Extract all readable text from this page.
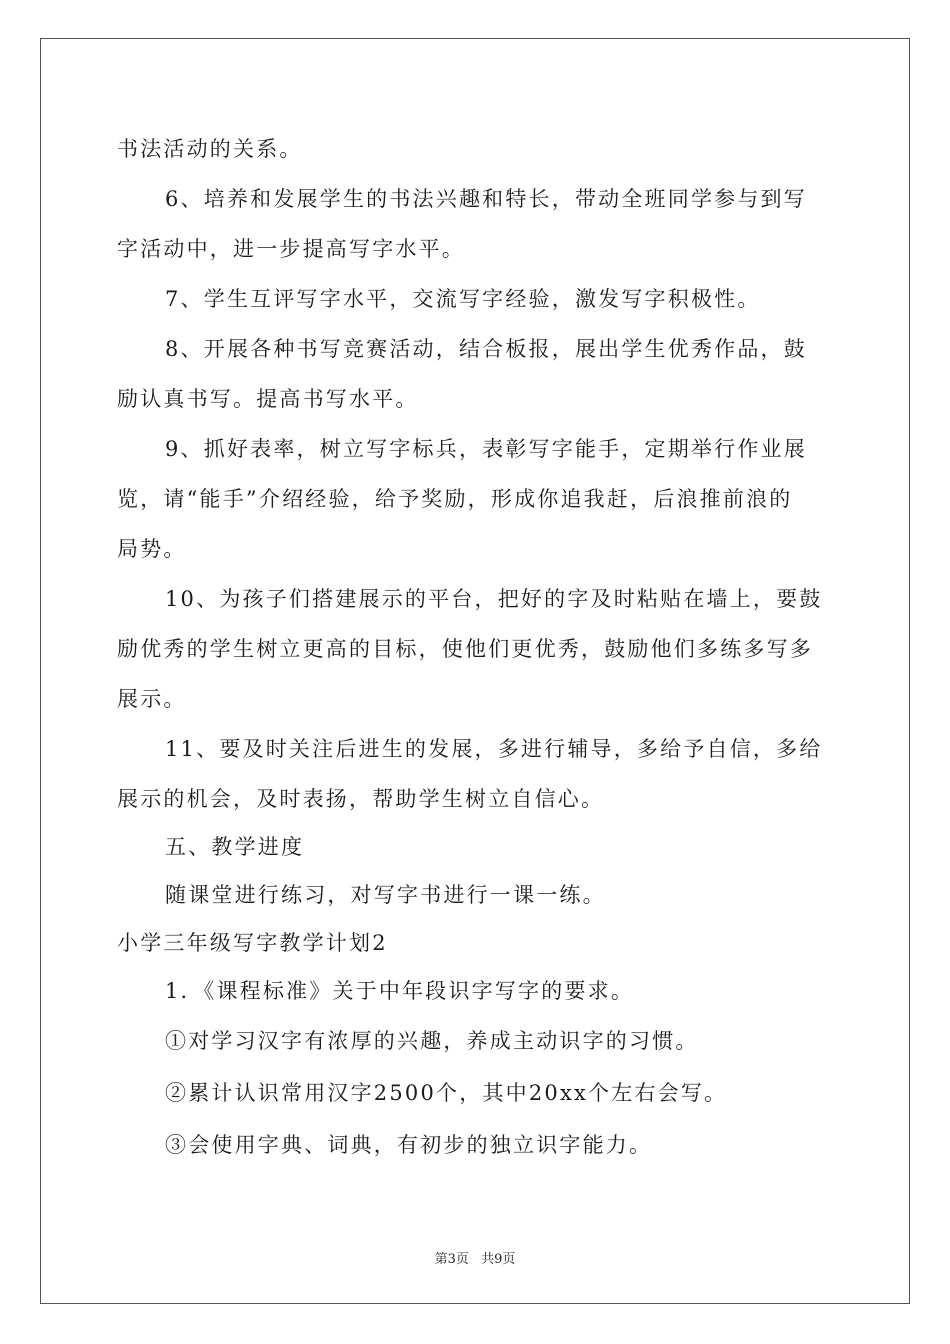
书法活动的关系。
6、培养和发展学生的书法兴趣和特长，带动全班同学参与到写
字活动中，进一步提高写字水平。
7、学生互评写字水平，交流写字经验，激发写字积极性。
8、开展各种书写竞赛活动，结合板报，展出学生优秀作品，鼓
励认真书写。提高书写水平。
9、抓好表率，树立写字标兵，表彰写字能手，定期举行作业展
览，请“能手”介绍经验，给予奖励，形成你追我赶，后浪推前浪的
局势。
10、为孩子们搭建展示的平台，把好的字及时粘贴在墙上，要鼓
励优秀的学生树立更高的目标，使他们更优秀，鼓励他们多练多写多
展示。
11、要及时关注后进生的发展，多进行辅导，多给予自信，多给
展示的机会，及时表扬，帮助学生树立自信心。
五、教学进度
随课堂进行练习，对写字书进行一课一练。
小学三年级写字教学计划2
1．《课程标准》关于中年段识字写字的要求。
①对学习汉字有浓厚的兴趣，养成主动识字的习惯。
②累计认识常用汉字2500个，其中20xx个左右会写。
③会使用字典、词典，有初步的独立识字能力。
第3页 共9页
